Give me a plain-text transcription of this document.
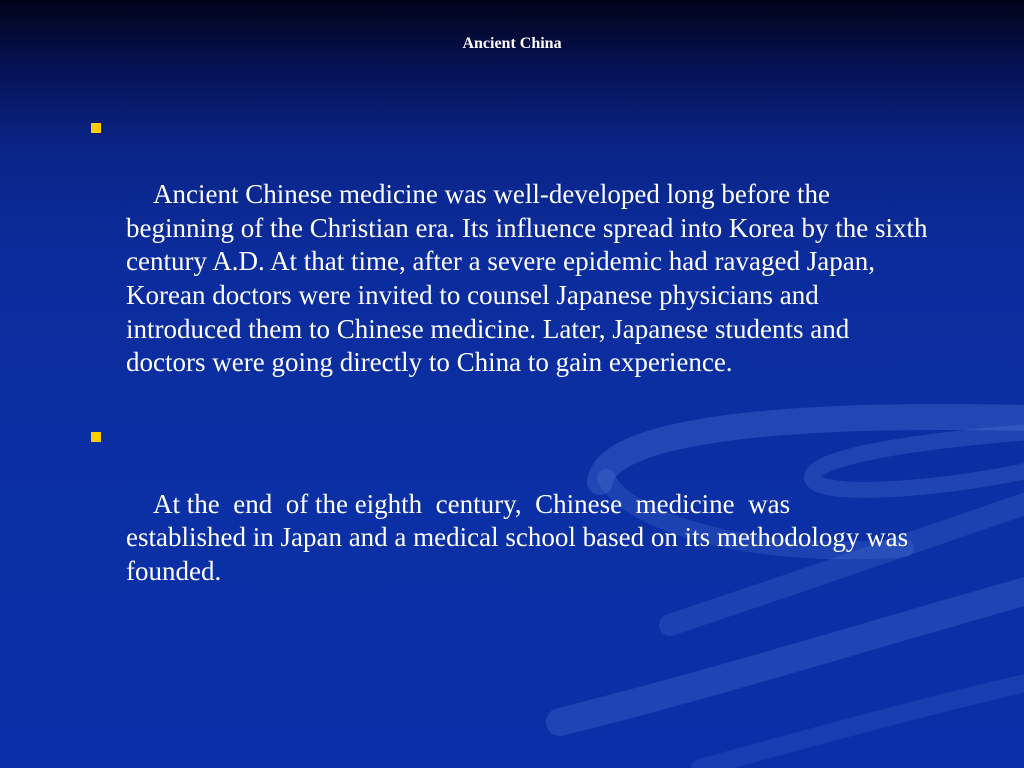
Ancient China

Ancient Chinese medicine was well-developed long before the beginning of the Christian era. Its influence spread into Korea by the sixth century A.D. At that time, after a severe epidemic had ravaged Japan, Korean doctors were invited to counsel Japanese physicians and introduced them to Chinese medicine. Later, Japanese students and doctors were going directly to China to gain experience.

At the  end  of the eighth  century,  Chinese  medicine  was established in Japan and a medical school based on its methodology was founded.
